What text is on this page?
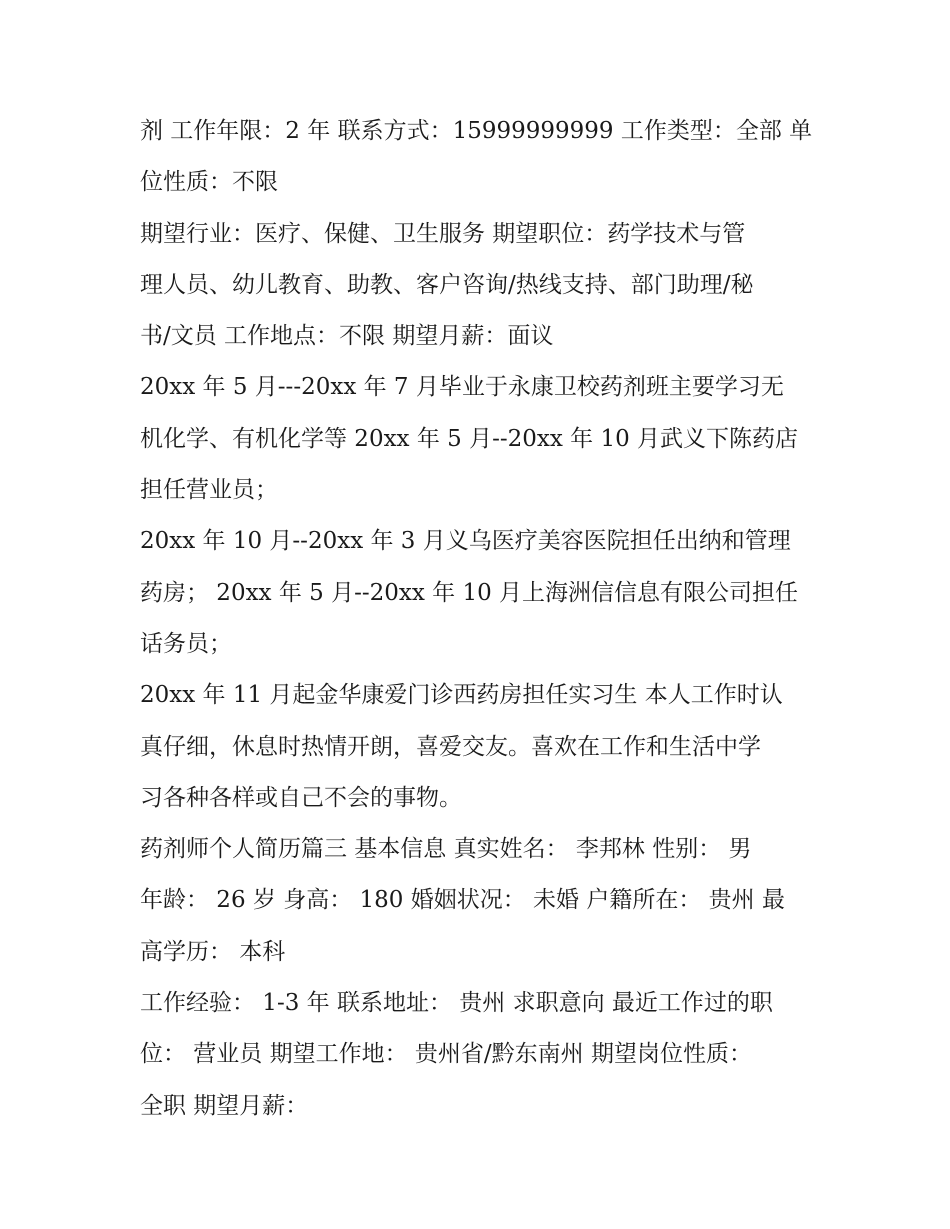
剂 工作年限：2 年 联系方式：15999999999 工作类型：全部 单
位性质：不限
期望行业：医疗、保健、卫生服务 期望职位：药学技术与管
理人员、幼儿教育、助教、客户咨询/热线支持、部门助理/秘
书/文员 工作地点：不限 期望月薪：面议
20xx 年 5 月---20xx 年 7 月毕业于永康卫校药剂班主要学习无
机化学、有机化学等 20xx 年 5 月--20xx 年 10 月武义下陈药店
担任营业员；
20xx 年 10 月--20xx 年 3 月义乌医疗美容医院担任出纳和管理
药房； 20xx 年 5 月--20xx 年 10 月上海洲信信息有限公司担任
话务员；
20xx 年 11 月起金华康爱门诊西药房担任实习生 本人工作时认
真仔细，休息时热情开朗，喜爱交友。喜欢在工作和生活中学
习各种各样或自己不会的事物。
药剂师个人简历篇三 基本信息 真实姓名： 李邦林 性别： 男
年龄： 26 岁 身高： 180 婚姻状况： 未婚 户籍所在： 贵州 最
高学历： 本科
工作经验： 1-3 年 联系地址： 贵州 求职意向 最近工作过的职
位： 营业员 期望工作地： 贵州省/黔东南州 期望岗位性质：
全职 期望月薪：
